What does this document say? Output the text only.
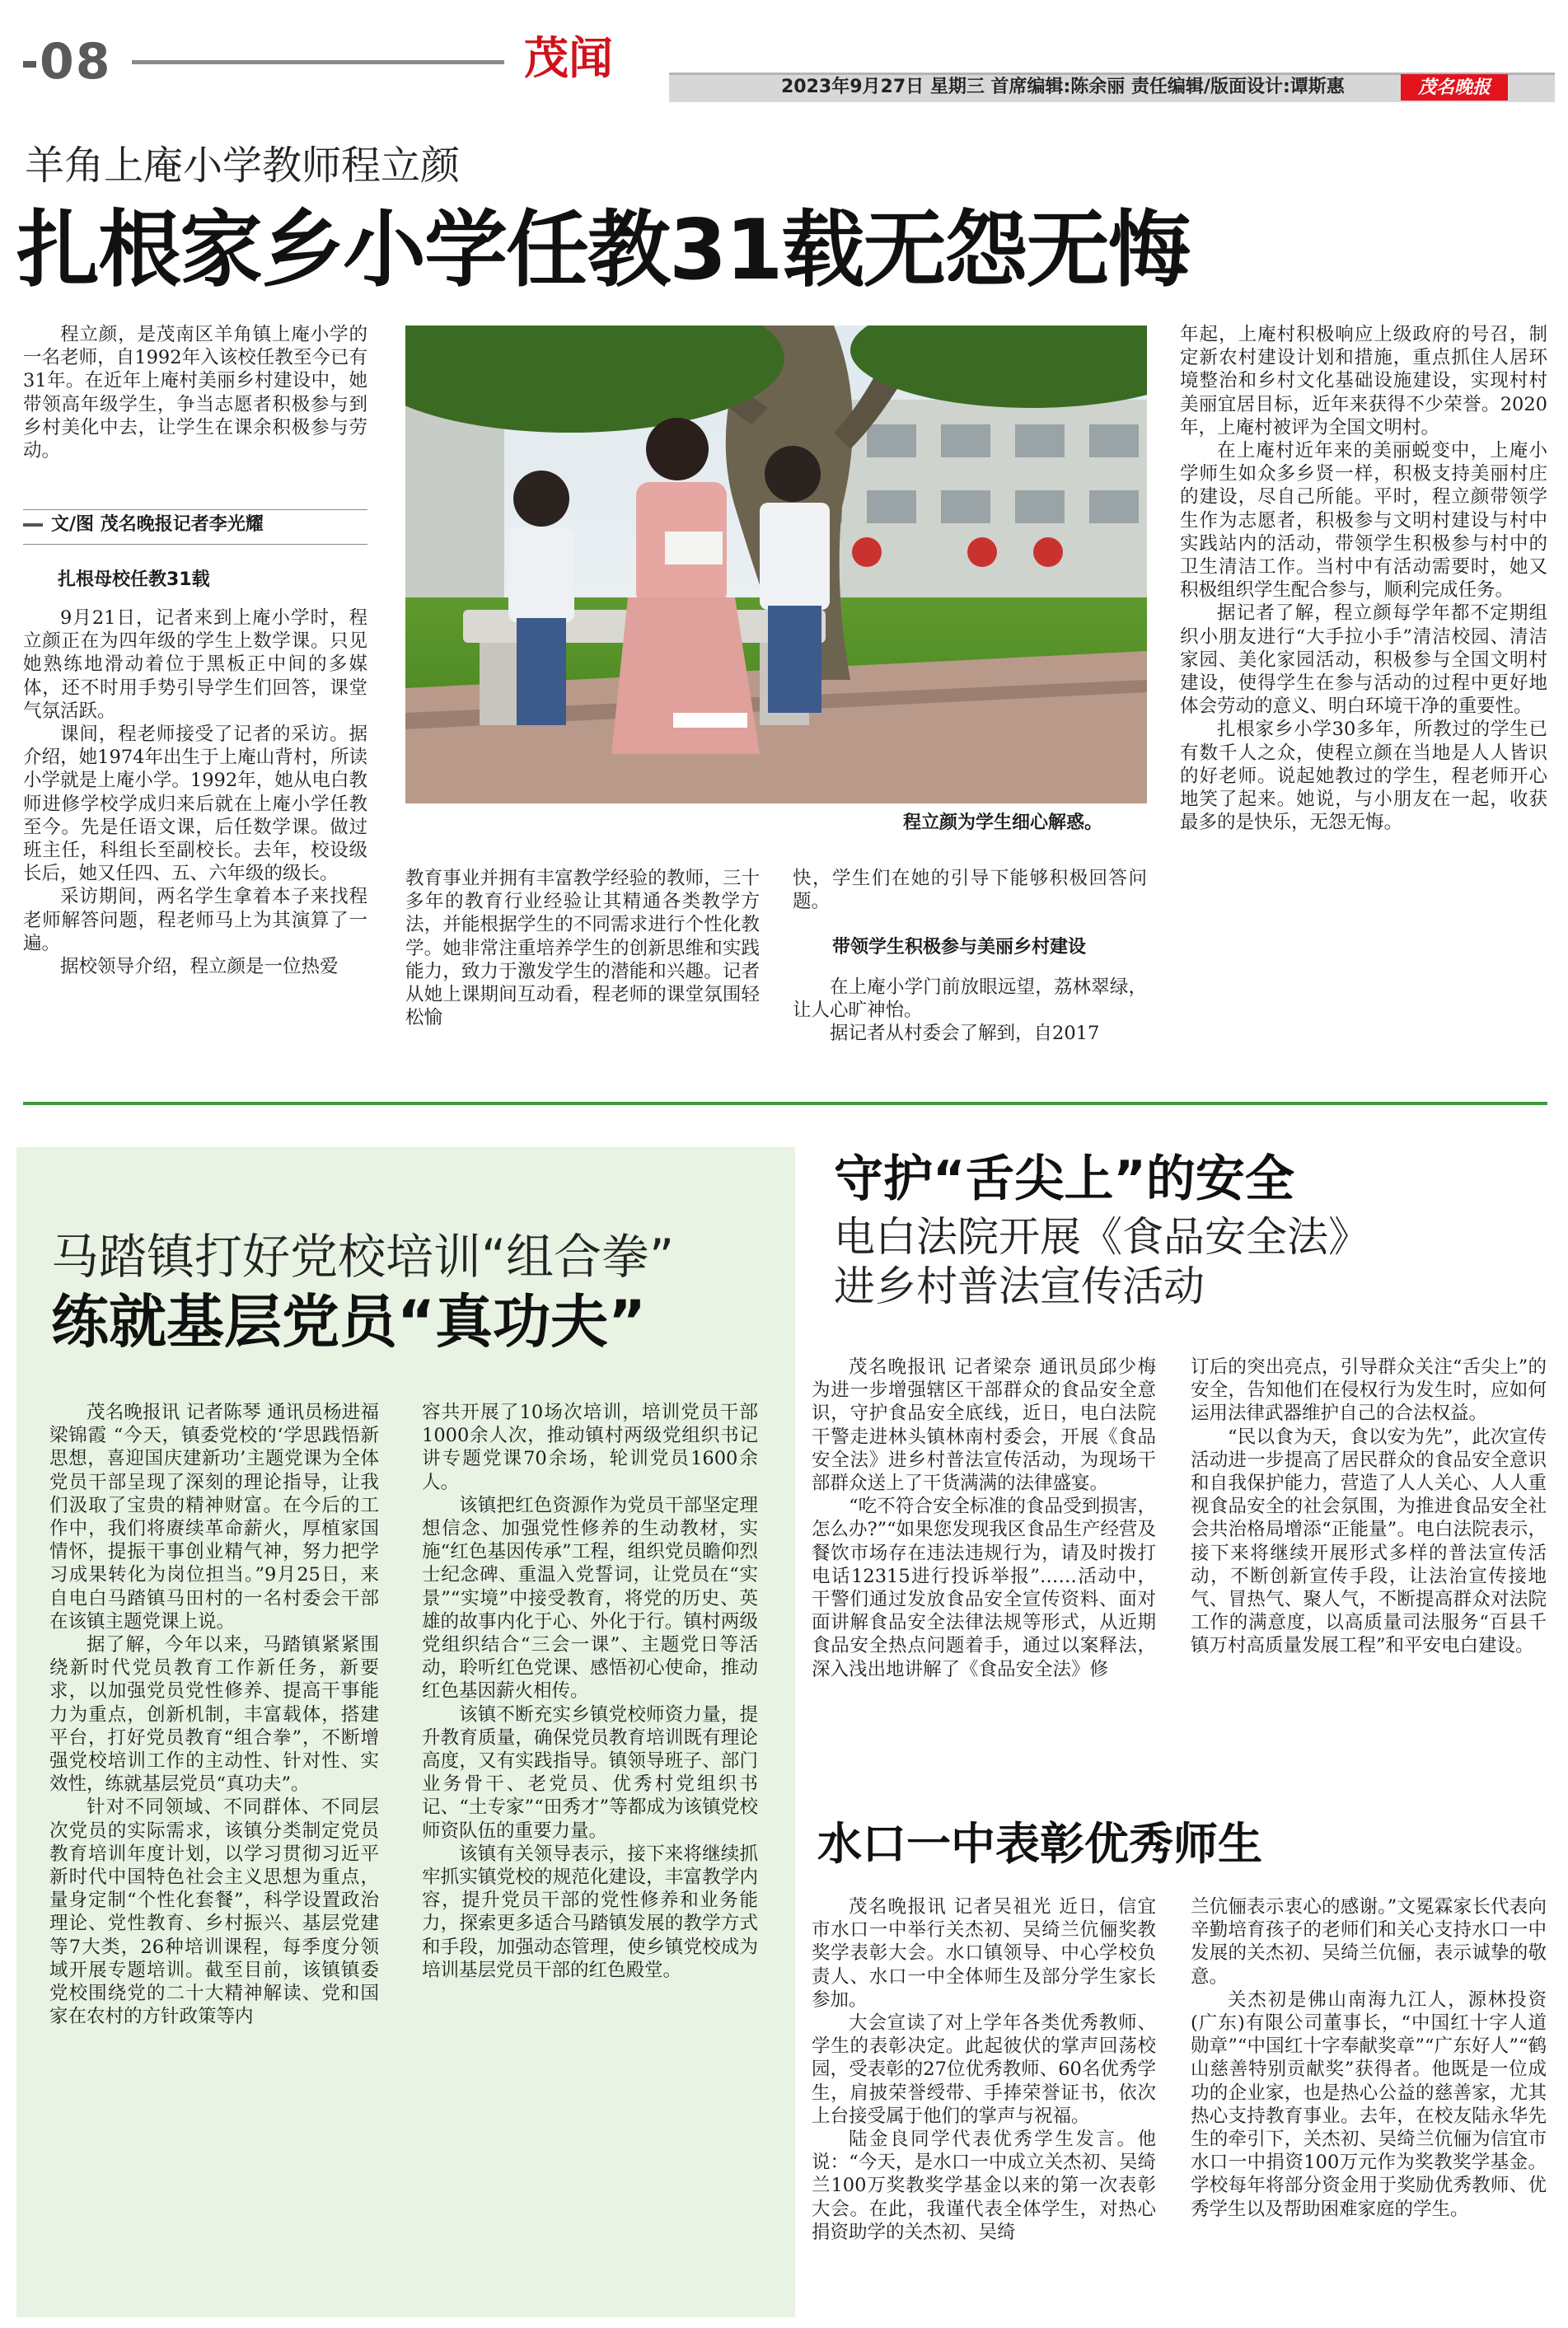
08	茂闻
2023年9月27日 星期三 首席编辑:陈余丽 责任编辑/版面设计:谭斯惠	茂名晚报
羊角上庵小学教师程立颜
扎根家乡小学任教31载无怨无悔

程立颜，是茂南区羊角镇上庵小学的一名老师，自1992年入该校任教至今已有31年。在近年上庵村美丽乡村建设中，她带领高年级学生，争当志愿者积极参与到乡村美化中去，让学生在课余积极参与劳动。

文/图 茂名晚报记者李光耀
扎根母校任教31载

9月21日，记者来到上庵小学时，程立颜正在为四年级的学生上数学课。只见她熟练地滑动着位于黑板正中间的多媒体，还不时用手势引导学生们回答，课堂气氛活跃。

课间，程老师接受了记者的采访。据介绍，她1974年出生于上庵山背村，所读小学就是上庵小学。1992年，她从电白教师进修学校学成归来后就在上庵小学任教至今。先是任语文课，后任数学课。做过班主任，科组长至副校长。去年，校设级长后，她又任四、五、六年级的级长。

采访期间，两名学生拿着本子来找程老师解答问题，程老师马上为其演算了一遍。

据校领导介绍，程立颜是一位热爱

程立颜为学生细心解惑。

教育事业并拥有丰富教学经验的教师，三十多年的教育行业经验让其精通各类教学方法，并能根据学生的不同需求进行个性化教学。她非常注重培养学生的创新思维和实践能力，致力于激发学生的潜能和兴趣。记者从她上课期间互动看，程老师的课堂氛围轻松愉

快，学生们在她的引导下能够积极回答问题。

带领学生积极参与美丽乡村建设

在上庵小学门前放眼远望，荔林翠绿，让人心旷神怡。

据记者从村委会了解到，自2017

年起，上庵村积极响应上级政府的号召，制定新农村建设计划和措施，重点抓住人居环境整治和乡村文化基础设施建设，实现村村美丽宜居目标，近年来获得不少荣誉。2020年，上庵村被评为全国文明村。

在上庵村近年来的美丽蜕变中，上庵小学师生如众多乡贤一样，积极支持美丽村庄的建设，尽自己所能。平时，程立颜带领学生作为志愿者，积极参与文明村建设与村中实践站内的活动，带领学生积极参与村中的卫生清洁工作。当村中有活动需要时，她又积极组织学生配合参与，顺利完成任务。

据记者了解，程立颜每学年都不定期组织小朋友进行“大手拉小手”清洁校园、清洁家园、美化家园活动，积极参与全国文明村建设，使得学生在参与活动的过程中更好地体会劳动的意义、明白环境干净的重要性。

扎根家乡小学30多年，所教过的学生已有数千人之众，使程立颜在当地是人人皆识的好老师。说起她教过的学生，程老师开心地笑了起来。她说，与小朋友在一起，收获最多的是快乐，无怨无悔。

马踏镇打好党校培训“组合拳”
练就基层党员“真功夫”

茂名晚报讯 记者陈琴 通讯员杨进福 梁锦霞 “今天，镇委党校的‘学思践悟新思想，喜迎国庆建新功’主题党课为全体党员干部呈现了深刻的理论指导，让我们汲取了宝贵的精神财富。在今后的工作中，我们将赓续革命薪火，厚植家国情怀，提振干事创业精气神，努力把学习成果转化为岗位担当。”9月25日，来自电白马踏镇马田村的一名村委会干部在该镇主题党课上说。

据了解，今年以来，马踏镇紧紧围绕新时代党员教育工作新任务，新要求，以加强党员党性修养、提高干事能力为重点，创新机制，丰富载体，搭建平台，打好党员教育“组合拳”，不断增强党校培训工作的主动性、针对性、实效性，练就基层党员“真功夫”。

针对不同领域、不同群体、不同层次党员的实际需求，该镇分类制定党员教育培训年度计划，以学习贯彻习近平新时代中国特色社会主义思想为重点，量身定制“个性化套餐”，科学设置政治理论、党性教育、乡村振兴、基层党建等7大类，26种培训课程，每季度分领域开展专题培训。截至目前，该镇镇委党校围绕党的二十大精神解读、党和国家在农村的方针政策等内

容共开展了10场次培训，培训党员干部1000余人次，推动镇村两级党组织书记讲专题党课70余场，轮训党员1600余人。

该镇把红色资源作为党员干部坚定理想信念、加强党性修养的生动教材，实施“红色基因传承”工程，组织党员瞻仰烈士纪念碑、重温入党誓词，让党员在“实景”“实境”中接受教育，将党的历史、英雄的故事内化于心、外化于行。镇村两级党组织结合“三会一课”、主题党日等活动，聆听红色党课、感悟初心使命，推动红色基因薪火相传。

该镇不断充实乡镇党校师资力量，提升教育质量，确保党员教育培训既有理论高度，又有实践指导。镇领导班子、部门业务骨干、老党员、优秀村党组织书记、“土专家”“田秀才”等都成为该镇党校师资队伍的重要力量。

该镇有关领导表示，接下来将继续抓牢抓实镇党校的规范化建设，丰富教学内容，提升党员干部的党性修养和业务能力，探索更多适合马踏镇发展的教学方式和手段，加强动态管理，使乡镇党校成为培训基层党员干部的红色殿堂。

守护“舌尖上”的安全
电白法院开展《食品安全法》
进乡村普法宣传活动

茂名晚报讯 记者梁奈 通讯员邱少梅 为进一步增强辖区干部群众的食品安全意识，守护食品安全底线，近日，电白法院干警走进林头镇林南村委会，开展《食品安全法》进乡村普法宣传活动，为现场干部群众送上了干货满满的法律盛宴。

“吃不符合安全标准的食品受到损害，怎么办?”“如果您发现我区食品生产经营及餐饮市场存在违法违规行为，请及时拨打电话12315进行投诉举报”……活动中，干警们通过发放食品安全宣传资料、面对面讲解食品安全法律法规等形式，从近期食品安全热点问题着手，通过以案释法，深入浅出地讲解了《食品安全法》修

订后的突出亮点，引导群众关注“舌尖上”的安全，告知他们在侵权行为发生时，应如何运用法律武器维护自己的合法权益。

“民以食为天，食以安为先”，此次宣传活动进一步提高了居民群众的食品安全意识和自我保护能力，营造了人人关心、人人重视食品安全的社会氛围，为推进食品安全社会共治格局增添“正能量”。电白法院表示，接下来将继续开展形式多样的普法宣传活动，不断创新宣传手段，让法治宣传接地气、冒热气、聚人气，不断提高群众对法院工作的满意度，以高质量司法服务“百县千镇万村高质量发展工程”和平安电白建设。

水口一中表彰优秀师生

茂名晚报讯 记者吴祖光 近日，信宜市水口一中举行关杰初、吴绮兰伉俪奖教奖学表彰大会。水口镇领导、中心学校负责人、水口一中全体师生及部分学生家长参加。

大会宣读了对上学年各类优秀教师、学生的表彰决定。此起彼伏的掌声回荡校园，受表彰的27位优秀教师、60名优秀学生，肩披荣誉绶带、手捧荣誉证书，依次上台接受属于他们的掌声与祝福。

陆金良同学代表优秀学生发言。他说：“今天，是水口一中成立关杰初、吴绮兰100万奖教奖学基金以来的第一次表彰大会。在此，我谨代表全体学生，对热心捐资助学的关杰初、吴绮

兰伉俪表示衷心的感谢。”文冕霖家长代表向辛勤培育孩子的老师们和关心支持水口一中发展的关杰初、吴绮兰伉俪，表示诚挚的敬意。

关杰初是佛山南海九江人，源林投资(广东)有限公司董事长，“中国红十字人道勋章”“中国红十字奉献奖章”“广东好人”“鹤山慈善特别贡献奖”获得者。他既是一位成功的企业家，也是热心公益的慈善家，尤其热心支持教育事业。去年，在校友陆永华先生的牵引下，关杰初、吴绮兰伉俪为信宜市水口一中捐资100万元作为奖教奖学基金。学校每年将部分资金用于奖励优秀教师、优秀学生以及帮助困难家庭的学生。
